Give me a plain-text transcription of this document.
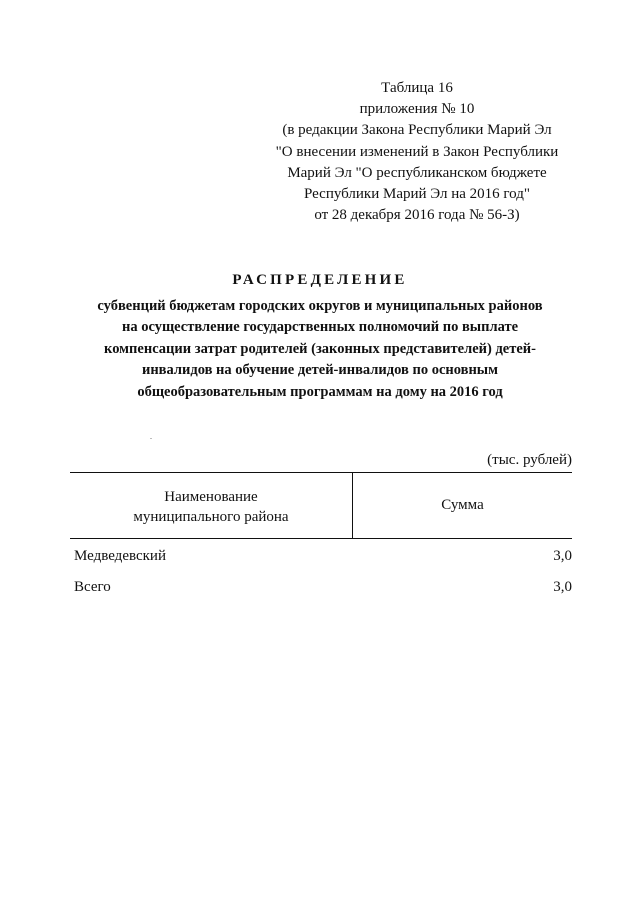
Таблица 16
приложения № 10
(в редакции Закона Республики Марий Эл
"О внесении изменений в Закон Республики
Марий Эл "О республиканском бюджете
Республики Марий Эл на 2016 год"
от 28 декабря 2016 года № 56-З)
РАСПРЕДЕЛЕНИЕ
субвенций бюджетам городских округов и муниципальных районов
на осуществление государственных полномочий по выплате
компенсации затрат родителей (законных представителей) детей-
инвалидов на обучение детей-инвалидов по основным
общеобразовательным программам на дому на 2016 год
(тыс. рублей)
Наименование
муниципального района
Сумма
Медведевский	3,0
Всего	3,0
